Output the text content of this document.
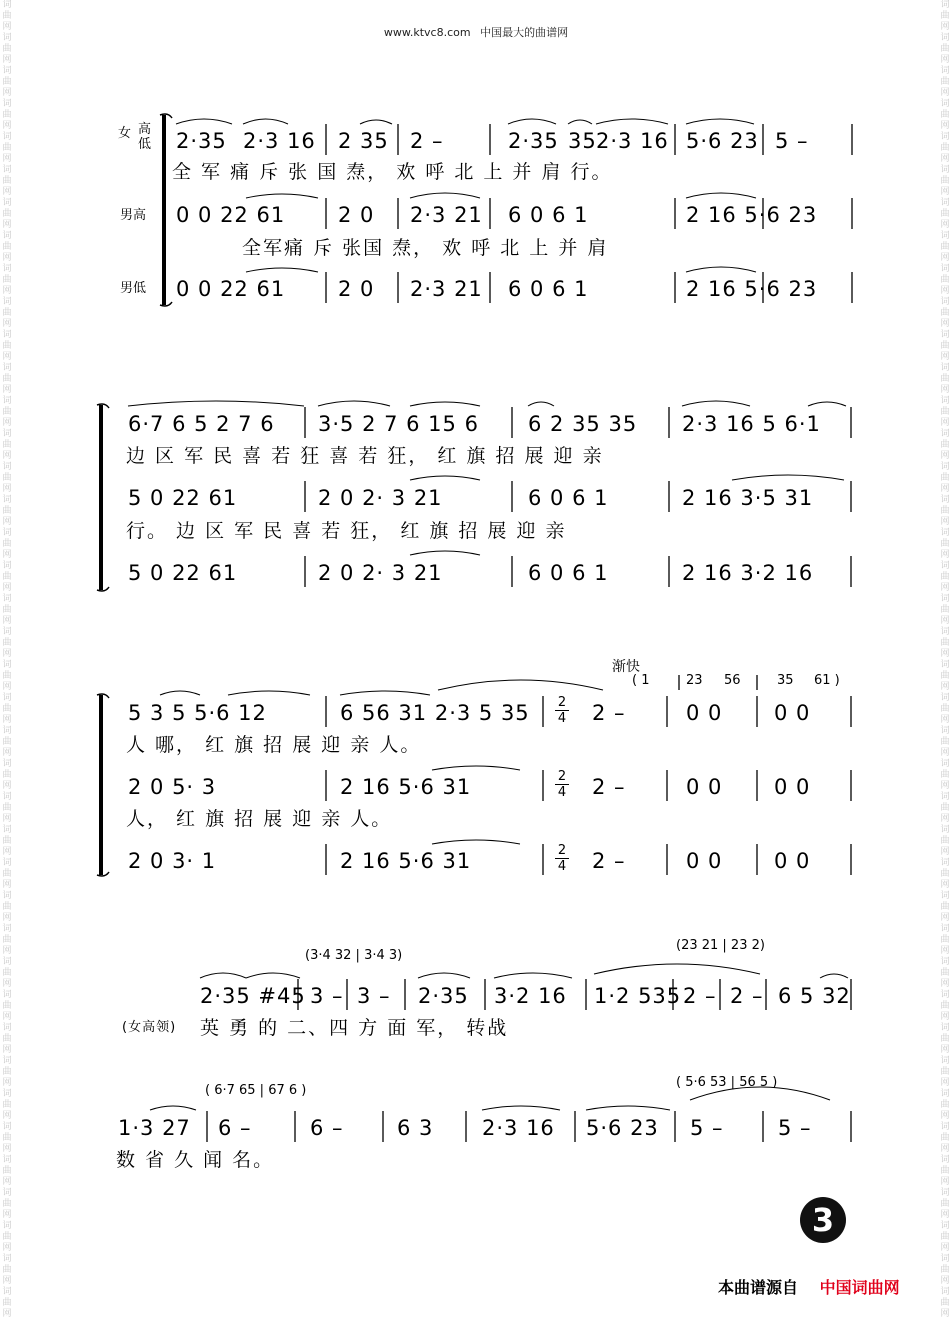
词
曲
网
词
曲
网
词
曲
网
词
曲
网
词
曲
网
词
曲
网
词
曲
网
词
曲
网
词
曲
网
词
曲
网
词
曲
网
词
曲
网
词
曲
网
词
曲
网
词
曲
网
词
曲
网
词
曲
网
词
曲
网
词
曲
网
词
曲
网
词
曲
网
词
曲
网
词
曲
网
词
曲
网
词
曲
网
词
曲
网
词
曲
网
词
曲
网
词
曲
网
词
曲
网
词
曲
网
词
曲
网
词
曲
网
词
曲
网
词
曲
网
词
曲
网
词
曲
网
词
曲
网
词
曲
网
词
曲
网
词
曲
网
词
曲
网
词
曲
网
词
曲
网
词
曲
网
词
曲
网
词
曲
网
词
曲
网
词
曲
网
词
曲
网
词
曲
网
词
曲
网
词
曲
网
词
曲
网
词
曲
网
词
曲
网
词
曲
网
词
曲
网
词
曲
网
词
曲
网
词
曲
网
词
曲
网
词
曲
网
词
曲
网
词
曲
网
词
曲
网
词
曲
网
词
曲
网
词
曲
网
词
曲
网
词
曲
网
词
曲
网
词
曲
网
词
曲
网
词
曲
网
词
曲
网
词
曲
网
词
曲
网
词
曲
网
词
曲
网
www.ktvc8.com 中国最大的曲谱网
女 高
低
男高
男低
2·35 2·3 16 2 35 2 –	2·35 35 2·3 16 5·6 23 5 –
全 军 痛 斥 张 国 焘， 欢 呼 北 上 并 肩 行。
0 0 22 61	2 0 2·3 21 6 0 6 1	2 16 5·6 23
全军痛 斥 张国 焘， 欢 呼 北 上 并 肩
0 0 22 61	2 0 2·3 21 6 0 6 1	2 16 5·6 23
6·7 6 5 2 7 6 3·5 2 7 6 15 6 6 2 35 35 2·3 16 5 6·1
边 区 军 民 喜 若 狂 喜 若 狂， 红 旗 招 展 迎 亲
5 0 22 61	2 0 2· 3 21	6 0 6 1	2 16 3·5 31
行。 边 区 军 民 喜 若 狂， 红 旗 招 展 迎 亲
5 0 22 61	2 0 2· 3 21	6 0 6 1	2 16 3·2 16
渐快
( 1	23 56	35 61 )
5 3 5 5·6 12	6 56 31 2·3 5 35	2 –	0 0 0 0
2
4
人 哪， 红 旗 招 展 迎 亲 人。
2 0 5· 3	2 16 5·6 31	2 –	0 0 0 0
2
4
人， 红 旗 招 展 迎 亲 人。
2 0 3· 1	2 16 5·6 31	2 –	0 0 0 0
2
4
(3·4 32 | 3·4 3)
(23 21 | 23 2)
2·35 #45 3 – 3 – 2·35 3·2 16 1·2 535 2 – 2 – 6 5 32
(女高领) 英 勇 的 二、四 方 面 军， 转战
( 6·7 65 | 67 6 )
( 5·6 53 | 56 5 )
1·3 27 6 –	6 –	6 3 2·3 16 5·6 23 5 –	5 –
数 省 久 闻 名。
3
本曲谱源自 中国词曲网
